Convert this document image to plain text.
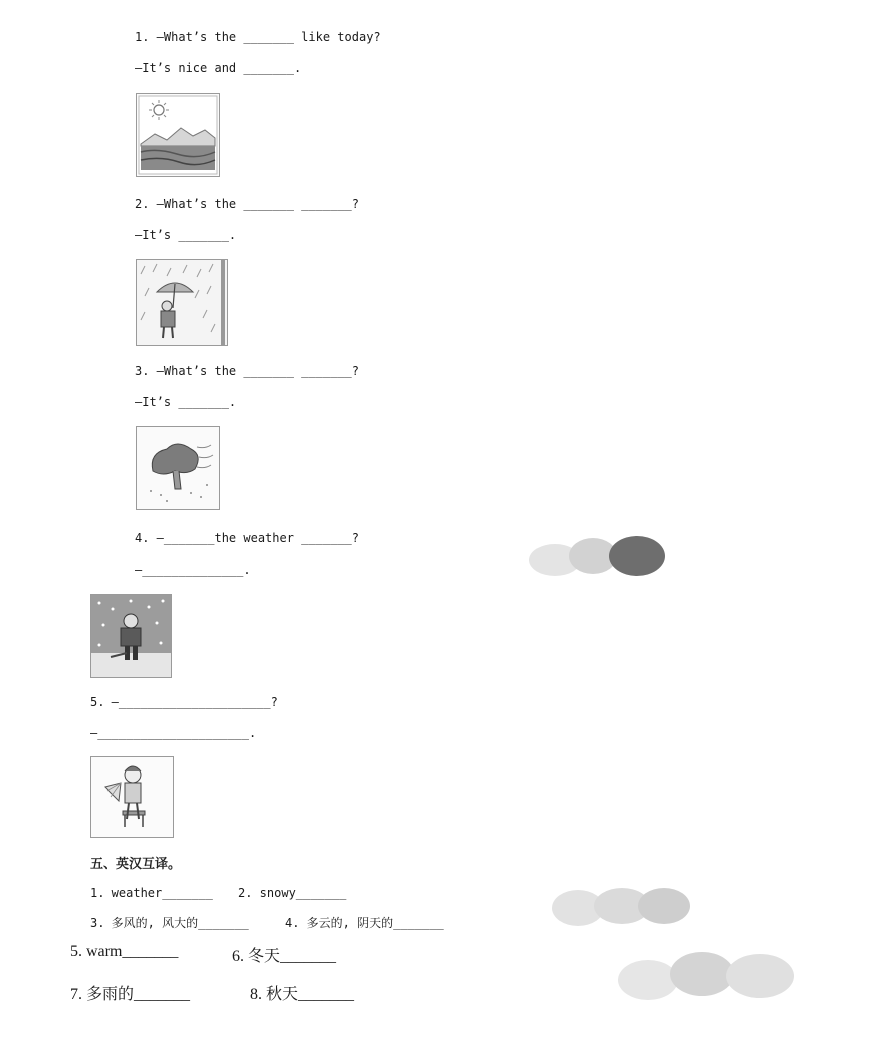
1. —What’s the _______ like today?
—It’s nice and _______.
2. —What’s the _______ _______?
—It’s _______.
3. —What’s the _______ _______?
—It’s _______.
4. —_______the weather _______?
—______________.
5. —_____________________?
—_____________________.
五、英汉互译。
1. weather_______ 2. snowy_______
3. 多风的, 风大的_______	4. 多云的, 阴天的_______
5. warm_______	6. 冬天_______
7. 多雨的_______	8. 秋天_______
